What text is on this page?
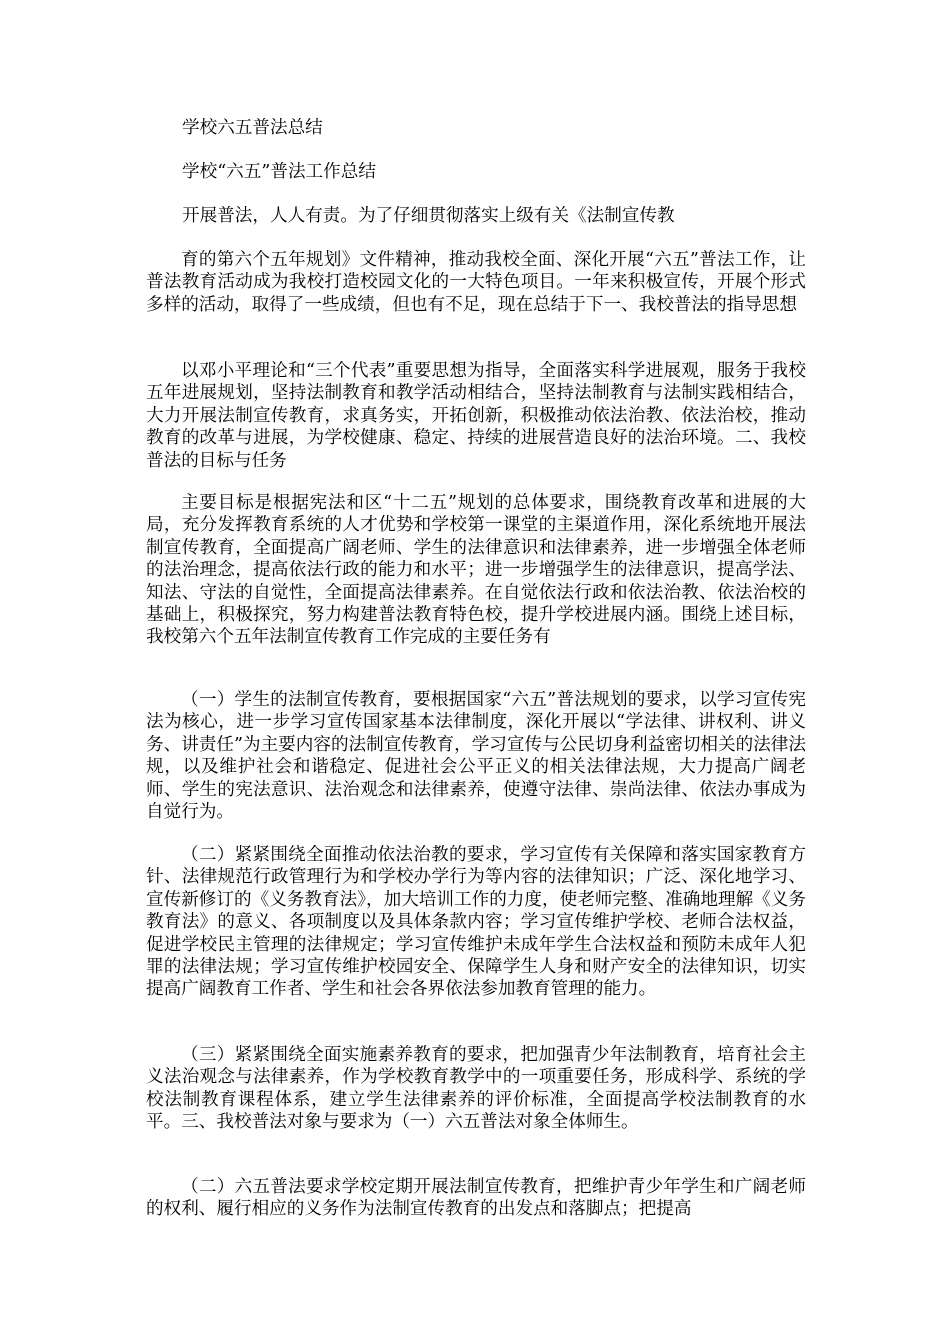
学校六五普法总结
学校“六五”普法工作总结
开展普法，人人有责。为了仔细贯彻落实上级有关《法制宣传教

育的第六个五年规划》文件精神，推动我校全面、深化开展“六五”普法工作，让普法教育活动成为我校打造校园文化的一大特色项目。一年来积极宣传，开展个形式多样的活动，取得了一些成绩，但也有不足，现在总结于下一、我校普法的指导思想

以邓小平理论和“三个代表”重要思想为指导，全面落实科学进展观，服务于我校五年进展规划，坚持法制教育和教学活动相结合，坚持法制教育与法制实践相结合，大力开展法制宣传教育，求真务实，开拓创新，积极推动依法治教、依法治校，推动教育的改革与进展，为学校健康、稳定、持续的进展营造良好的法治环境。二、我校普法的目标与任务

主要目标是根据宪法和区“十二五”规划的总体要求，围绕教育改革和进展的大局，充分发挥教育系统的人才优势和学校第一课堂的主渠道作用，深化系统地开展法制宣传教育，全面提高广阔老师、学生的法律意识和法律素养，进一步增强全体老师的法治理念，提高依法行政的能力和水平；进一步增强学生的法律意识，提高学法、知法、守法的自觉性，全面提高法律素养。在自觉依法行政和依法治教、依法治校的基础上，积极探究，努力构建普法教育特色校，提升学校进展内涵。围绕上述目标，我校第六个五年法制宣传教育工作完成的主要任务有

（一）学生的法制宣传教育，要根据国家“六五”普法规划的要求，以学习宣传宪法为核心，进一步学习宣传国家基本法律制度，深化开展以“学法律、讲权利、讲义务、讲责任”为主要内容的法制宣传教育，学习宣传与公民切身利益密切相关的法律法规，以及维护社会和谐稳定、促进社会公平正义的相关法律法规，大力提高广阔老师、学生的宪法意识、法治观念和法律素养，使遵守法律、崇尚法律、依法办事成为自觉行为。

（二）紧紧围绕全面推动依法治教的要求，学习宣传有关保障和落实国家教育方针、法律规范行政管理行为和学校办学行为等内容的法律知识；广泛、深化地学习、宣传新修订的《义务教育法》，加大培训工作的力度，使老师完整、准确地理解《义务教育法》的意义、各项制度以及具体条款内容；学习宣传维护学校、老师合法权益，促进学校民主管理的法律规定；学习宣传维护未成年学生合法权益和预防未成年人犯罪的法律法规；学习宣传维护校园安全、保障学生人身和财产安全的法律知识，切实提高广阔教育工作者、学生和社会各界依法参加教育管理的能力。

（三）紧紧围绕全面实施素养教育的要求，把加强青少年法制教育，培育社会主义法治观念与法律素养，作为学校教育教学中的一项重要任务，形成科学、系统的学校法制教育课程体系，建立学生法律素养的评价标准，全面提高学校法制教育的水平。三、我校普法对象与要求为（一）六五普法对象全体师生。

（二）六五普法要求学校定期开展法制宣传教育，把维护青少年学生和广阔老师的权利、履行相应的义务作为法制宣传教育的出发点和落脚点；把提高
